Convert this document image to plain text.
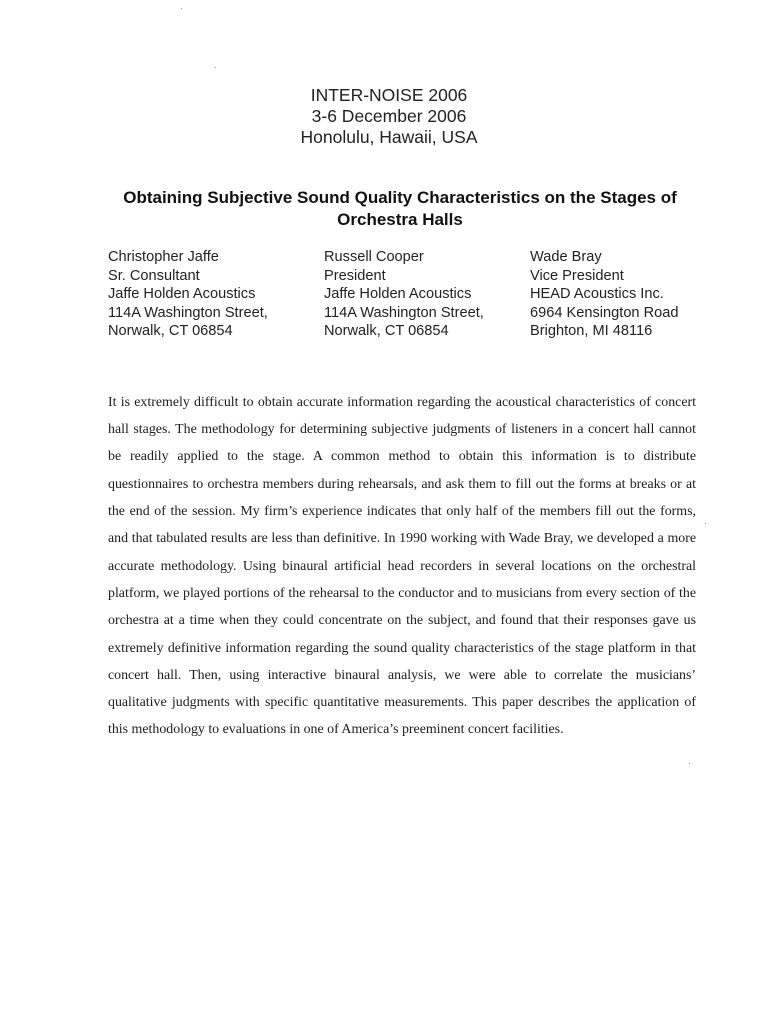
INTER-NOISE 2006
3-6 December 2006
Honolulu, Hawaii, USA
Obtaining Subjective Sound Quality Characteristics on the Stages of Orchestra Halls
Christopher Jaffe
Sr. Consultant
Jaffe Holden Acoustics
114A Washington Street,
Norwalk, CT 06854
Russell Cooper
President
Jaffe Holden Acoustics
114A Washington Street,
Norwalk, CT 06854
Wade Bray
Vice President
HEAD Acoustics Inc.
6964 Kensington Road
Brighton, MI 48116

It is extremely difficult to obtain accurate information regarding the acoustical characteristics of concert hall stages. The methodology for determining subjective judgments of listeners in a concert hall cannot be readily applied to the stage. A common method to obtain this information is to distribute questionnaires to orchestra members during rehearsals, and ask them to fill out the forms at breaks or at the end of the session. My firm’s experience indicates that only half of the members fill out the forms, and that tabulated results are less than definitive. In 1990 working with Wade Bray, we developed a more accurate methodology. Using binaural artificial head recorders in several locations on the orchestral platform, we played portions of the rehearsal to the conductor and to musicians from every section of the orchestra at a time when they could concentrate on the subject, and found that their responses gave us extremely definitive information regarding the sound quality characteristics of the stage platform in that concert hall. Then, using interactive binaural analysis, we were able to correlate the musicians’ qualitative judgments with specific quantitative measurements. This paper describes the application of this methodology to evaluations in one of America’s preeminent concert facilities.
